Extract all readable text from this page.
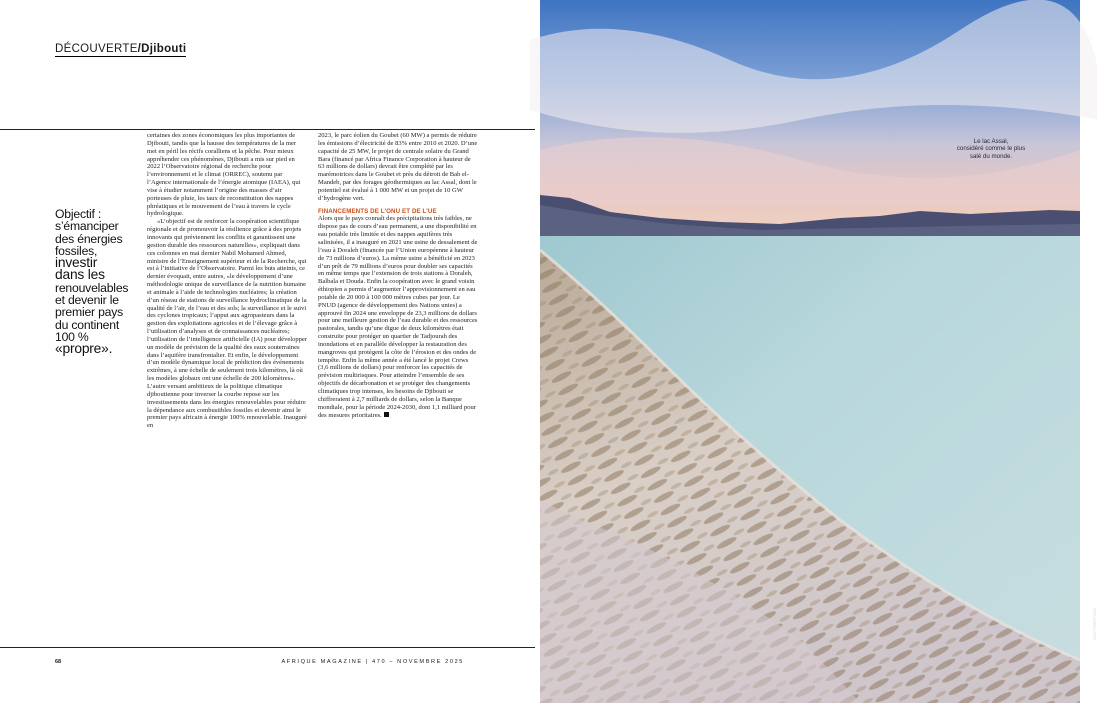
DÉCOUVERTE/Djibouti
Objectif :
s’émanciper
des énergies
fossiles,
investir
dans les
renouvelables
et devenir le
premier pays
du continent
100 %
«propre».

certaines des zones économiques les plus importantes de Djibouti, tandis que la hausse des températures de la mer met en péril les récifs coralliens et la pêche. Pour mieux appréhender ces phénomènes, Djibouti a mis sur pied en 2022 l’Observatoire régional de recherche pour l’environnement et le climat (ORREC), soutenu par l’Agence internationale de l’énergie atomique (IAEA), qui vise à étudier notamment l’origine des masses d’air porteuses de pluie, les taux de reconstitution des nappes phréatiques et le mouvement de l’eau à travers le cycle hydrologique.

«L’objectif est de renforcer la coopération scientifique régionale et de promouvoir la résilience grâce à des projets innovants qui préviennent les conflits et garantissent une gestion durable des ressources naturelles», expliquait dans ces colonnes en mai dernier Nabil Mohamed Ahmed, ministre de l’Enseignement supérieur et de la Recherche, qui est à l’initiative de l’Observatoire. Parmi les buts atteints, ce dernier évoquait, entre autres, «le développement d’une méthodologie unique de surveillance de la nutrition humaine et animale à l’aide de technologies nucléaires; la création d’un réseau de stations de surveillance hydroclimatique de la qualité de l’air, de l’eau et des sols; la surveillance et le suivi des cyclones tropicaux; l’appui aux agropasteurs dans la gestion des exploitations agricoles et de l’élevage grâce à l’utilisation d’analyses et de connaissances nucléaires; l’utilisation de l’intelligence artificielle (IA) pour développer un modèle de prévision de la qualité des eaux souterraines dans l’aquifère transfrontalier. Et enfin, le développement d’un modèle dynamique local de prédiction des événements extrêmes, à une échelle de seulement trois kilomètres, là où les modèles globaux ont une échelle de 200 kilomètres».

L’autre versant ambitieux de la politique climatique djiboutienne pour inverser la courbe repose sur les investissements dans les énergies renouvelables pour réduire la dépendance aux combustibles fossiles et devenir ainsi le premier pays africain à énergie 100% renouvelable. Inauguré en

2023, le parc éolien du Goubet (60 MW) a permis de réduire les émissions d’électricité de 83% entre 2010 et 2020. D’une capacité de 25 MW, le projet de centrale solaire du Grand Bara (financé par Africa Finance Corporation à hauteur de 63 millions de dollars) devrait être complété par les marémotrices dans le Goubet et près du détroit de Bab el-Mandeb, par des forages géothermiques au lac Assal, dont le potentiel est évalué à 1 000 MW et un projet de 10 GW d’hydrogène vert.

FINANCEMENTS DE L’ONU ET DE L’UE

Alors que le pays connaît des précipitations très faibles, ne dispose pas de cours d’eau permanent, a une disponibilité en eau potable très limitée et des nappes aquifères très salinisées, il a inauguré en 2021 une usine de dessalement de l’eau à Doraleh (financée par l’Union européenne à hauteur de 73 millions d’euros). La même usine a bénéficié en 2023 d’un prêt de 79 millions d’euros pour doubler ses capacités en même temps que l’extension de trois stations à Doraleh, Balbala et Douda. Enfin la coopération avec le grand voisin éthiopien a permis d’augmenter l’approvisionnement en eau potable de 20 000 à 100 000 mètres cubes par jour. Le PNUD (agence de développement des Nations unies) a approuvé fin 2024 une enveloppe de 23,3 millions de dollars pour une meilleure gestion de l’eau durable et des ressources pastorales, tandis qu’une digue de deux kilomètres était construite pour protéger un quartier de Tadjourah des inondations et en parallèle développer la restauration des mangroves qui protègent la côte de l’érosion et des ondes de tempête. Enfin la même année a été lancé le projet Crews (3,6 millions de dollars) pour renforcer les capacités de prévision multirisques. Pour atteindre l’ensemble de ses objectifs de décarbonation et se protéger des changements climatiques trop intenses, les besoins de Djibouti se chiffreraient à 2,7 milliards de dollars, selon la Banque mondiale, pour la période 2024-2030, dont 1,1 milliard pour des mesures prioritaires.

68	AFRIQUE MAGAZINE | 470 – NOVEMBRE 2025
SHUTTERSTOCK
Le lac Assal,
considéré comme le plus
salé du monde.
